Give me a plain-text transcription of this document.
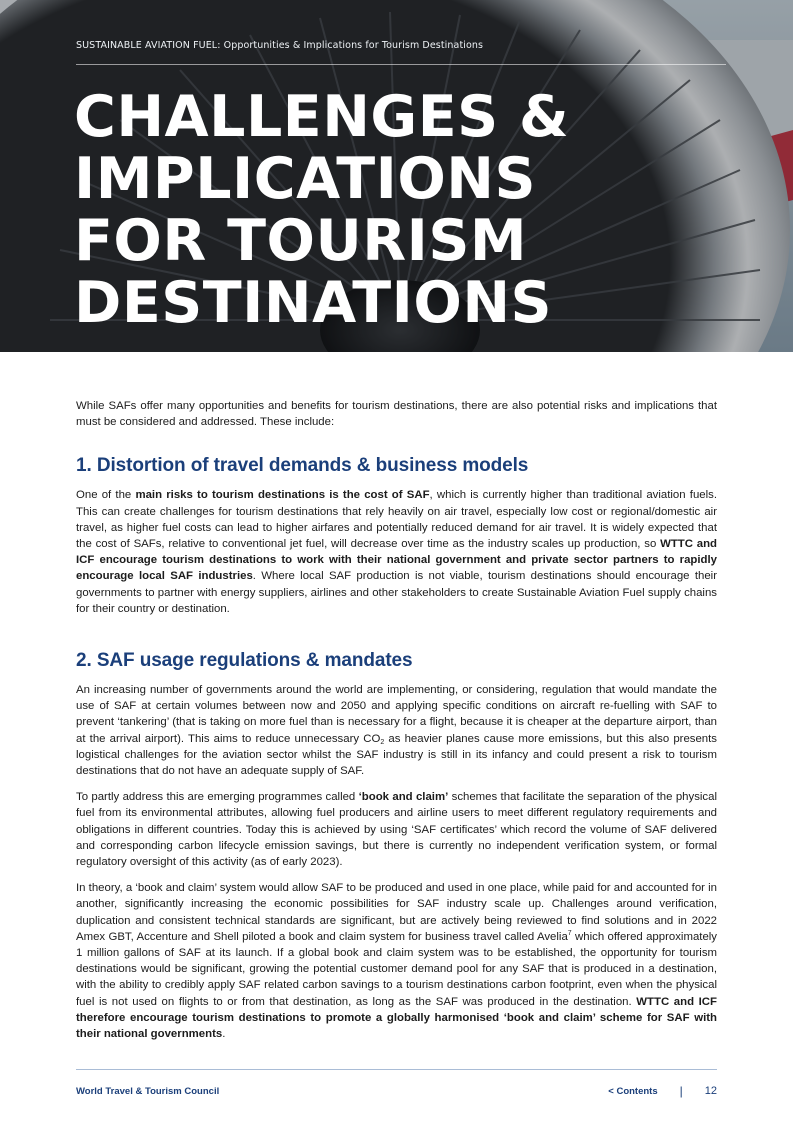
SUSTAINABLE AVIATION FUEL: Opportunities & Implications for Tourism Destinations
CHALLENGES &
IMPLICATIONS
FOR TOURISM
DESTINATIONS

While SAFs offer many opportunities and benefits for tourism destinations, there are also potential risks and implications that must be considered and addressed. These include:

1. Distortion of travel demands & business models

One of the main risks to tourism destinations is the cost of SAF, which is currently higher than traditional aviation fuels. This can create challenges for tourism destinations that rely heavily on air travel, especially low cost or regional/domestic air travel, as higher fuel costs can lead to higher airfares and potentially reduced demand for air travel. It is widely expected that the cost of SAFs, relative to conventional jet fuel, will decrease over time as the industry scales up production, so WTTC and ICF encourage tourism destinations to work with their national government and private sector partners to rapidly encourage local SAF industries. Where local SAF production is not viable, tourism destinations should encourage their governments to partner with energy suppliers, airlines and other stakeholders to create Sustainable Aviation Fuel supply chains for their country or destination.

2. SAF usage regulations & mandates

An increasing number of governments around the world are implementing, or considering, regulation that would mandate the use of SAF at certain volumes between now and 2050 and applying specific conditions on aircraft re-fuelling with SAF to prevent ‘tankering’ (that is taking on more fuel than is necessary for a flight, because it is cheaper at the departure airport, than at the arrival airport). This aims to reduce unnecessary $CO_2$ as heavier planes cause more emissions, but this also presents logistical challenges for the aviation sector whilst the SAF industry is still in its infancy and could present a risk to tourism destinations that do not have an adequate supply of SAF.

To partly address this are emerging programmes called ‘book and claim’ schemes that facilitate the separation of the physical fuel from its environmental attributes, allowing fuel producers and airline users to meet different regulatory requirements and obligations in different countries. Today this is achieved by using ‘SAF certificates’ which record the volume of SAF delivered and corresponding carbon lifecycle emission savings, but there is currently no independent verification system, or formal regulatory oversight of this activity (as of early 2023).

In theory, a ‘book and claim’ system would allow SAF to be produced and used in one place, while paid for and accounted for in another, significantly increasing the economic possibilities for SAF industry scale up. Challenges around verification, duplication and consistent technical standards are significant, but are actively being reviewed to find solutions and in 2022 Amex GBT, Accenture and Shell piloted a book and claim system for business travel called Avelia$^7$ which offered approximately 1 million gallons of SAF at its launch. If a global book and claim system was to be established, the opportunity for tourism destinations would be significant, growing the potential customer demand pool for any SAF that is produced in a destination, with the ability to credibly apply SAF related carbon savings to a tourism destinations carbon footprint, even when the physical fuel is not used on flights to or from that destination, as long as the SAF was produced in the destination. WTTC and ICF therefore encourage tourism destinations to promote a globally harmonised ‘book and claim’ scheme for SAF with their national governments.

World Travel & Tourism Council	< Contents | 12
